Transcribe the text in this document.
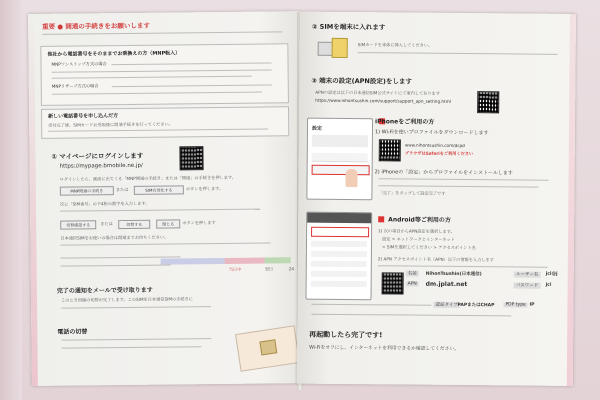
重要 ● 開通の手続きをお願いします
他社から電話番号をそのままでお乗換えの方（MNP転入）
MNPワンストップ方式の場合
MNPリザーブ方式の場合
新しい電話番号を申し込んだ方
受付完了後、SIMカードお受取後に開通手続きを行ってください。
① マイページにログインします
https://mypage.bmobile.ne.jp/
ログインしたら、画面に出てくる「MNP開通の手続き」または「開通」の手続きを押します。
MNP開通の手続き	または	SIM有効化する	ボタンを押します。
次に「SIM番号」の下4桁の数字を入力します。
切替確認する	または	切替する	閉じる	ボタンを押します
日本通信SIMをお使いの場合は開通までお待ちください。
当日中	翌日	24
完了の通知をメールで受け取ります
このとき回線の切替が完了します。このSIMを日本通信SIMの手続きに
電話の切替
② SIMを端末に入れます
SIMカードを本体に挿入してください。
③ 端末の設定(APN設定)をします
APNの設定は以下の日本通信SIM公式サイトにて案内しております
https://www.nihontsushin.com/support/support_apn_setting.html
設定
iPhoneをご利用の方
1) Wi-Fiを使いプロファイルをダウンロードします
www.nihontsushin.com/dcpd
ブラウザはSafariをご利用ください
2) iPhoneの「設定」からプロファイルをインストールします
「完了」をタップして設定完了です
Android等ご利用の方
1) 次の項目からAPN設定を選択します。
設定 > ネットワークとインターネット
> SIMを選択してください > アクセスポイント名
2) APN アクセスポイント名（APN）以下の情報を入力します
名前	NihonTsushin(日本通信)	ユーザー名	jci@j
APN	dm.jplat.net	パスワード	jci
認証タイプ PAPまたはCHAP	PDP type IP
再起動したら完了です!
Wi-Fiをオフにし、インターネットを利用できるか確認してください。
